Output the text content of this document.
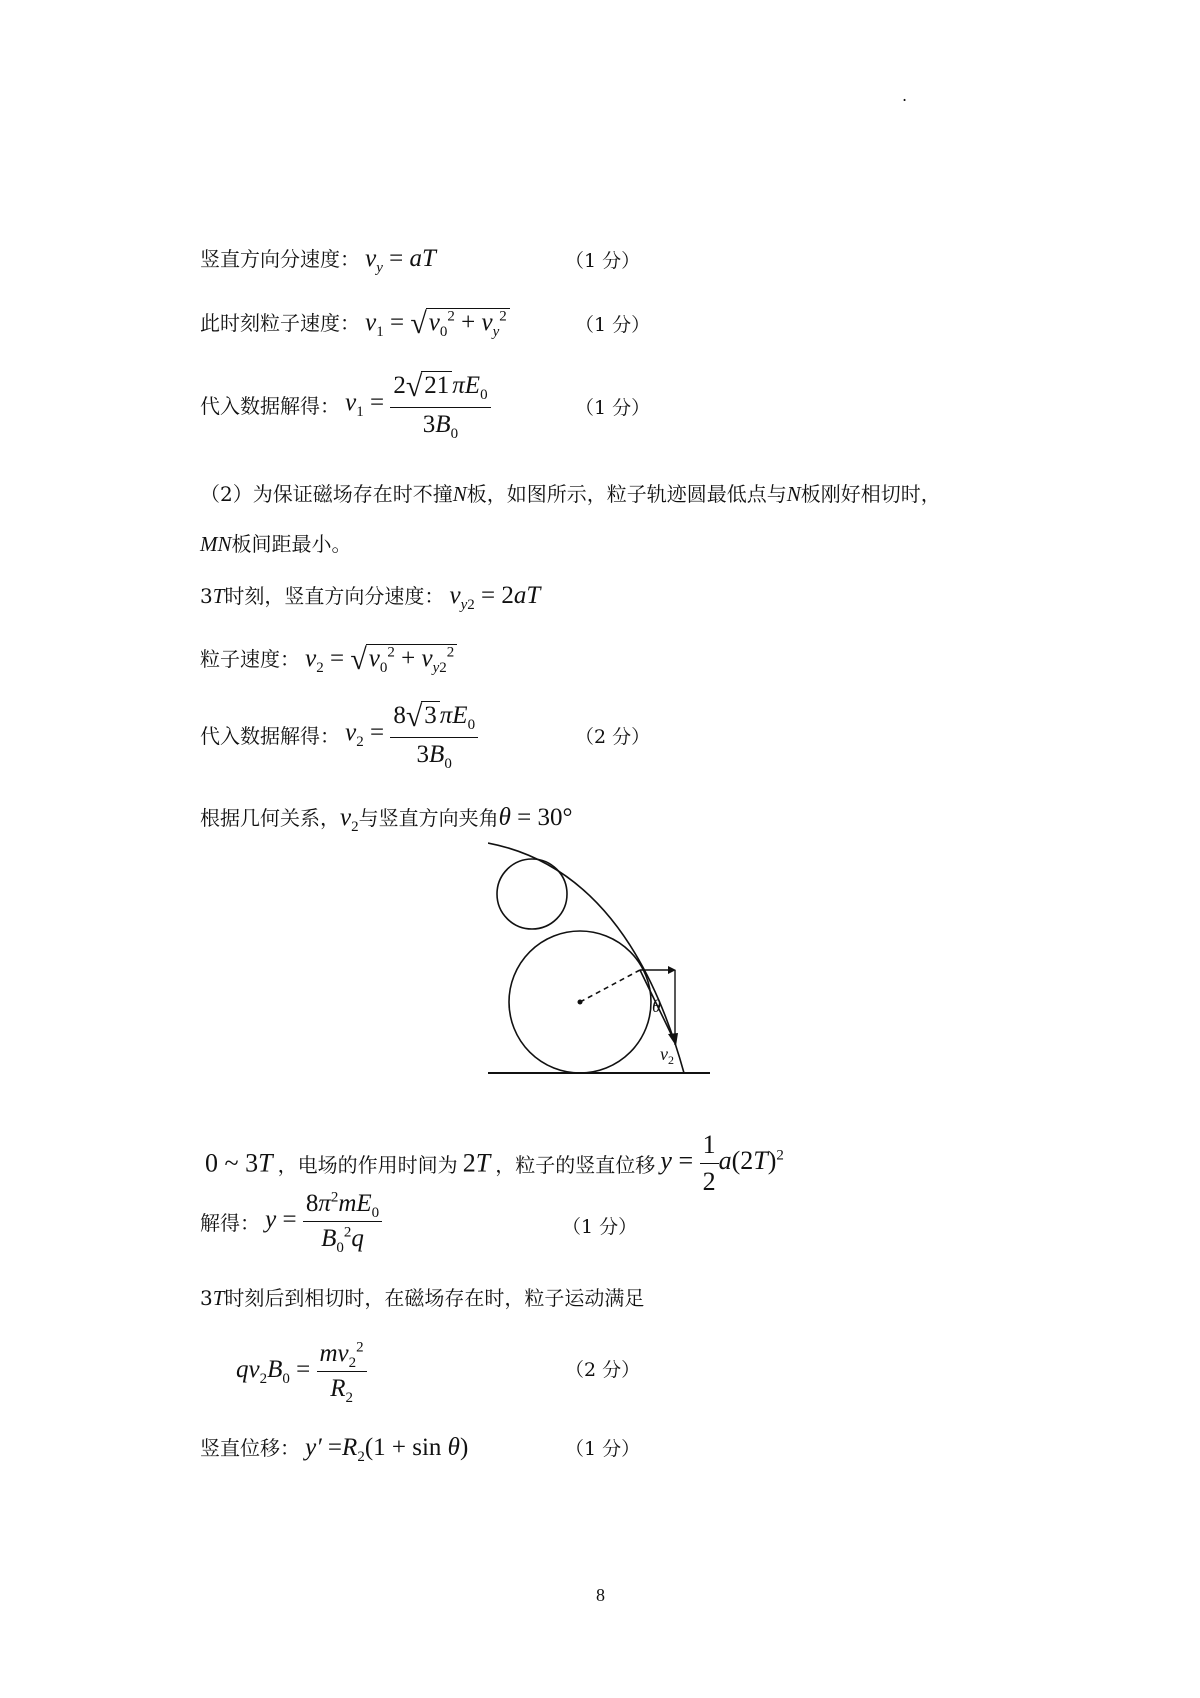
.
竖直方向分速度： $v_y$ = aT	（1 分）
此时刻粒子速度： $v_1 = √v_0^2 + v_y^2$	（1 分）
代入数据解得： $v_1 = \frac{2√21 \pi E_0}{3B_0}$	（1 分）
（2）为保证磁场存在时不撞N板，如图所示，粒子轨迹圆最低点与N板刚好相切时，
MN板间距最小。
3T时刻，竖直方向分速度： $v_{y2} = 2aT$
粒子速度： $v_2 = √v_0^2 + v_{y2}^2$
代入数据解得： $v_2 = \frac{8√3 \pi E_0}{3B_0}$	（2 分）
根据几何关系，$v_2$与竖直方向夹角θ = 30°
θ
$v_2$
0 ~ 3T ，电场的作用时间为 2T ，粒子的竖直位移 $y = \frac{1}{2} a(2T)^2$
解得： $y = \frac{8\pi^2mE_0}{B_0^2q}$	（1 分）
3T时刻后到相切时，在磁场存在时，粒子运动满足
$qv_2B_0 = \frac{mv_2^2}{R_2}$	（2 分）
竖直位移： $y' =R_2(1 + \sin \theta)$	（1 分）
8
